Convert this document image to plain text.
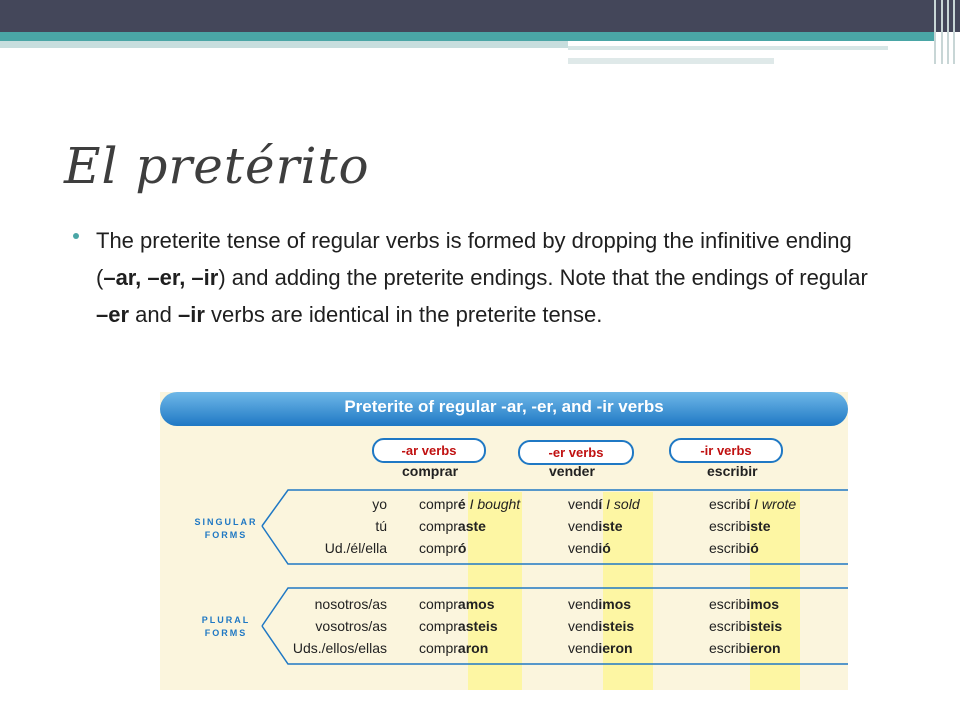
El pretérito

The preterite tense of regular verbs is formed by dropping the infinitive ending (–ar, –er, –ir) and adding the preterite endings. Note that the endings of regular –er and –ir verbs are identical in the preterite tense.

Preterite of regular -ar, -er, and -ir verbs
-ar verbs	-er verbs	-ir verbs
comprar	vender	escribir
SINGULAR
FORMS
PLURAL
FORMS
yo compré I bought	vendí I sold	escribí I wrote
tú compraste	vendiste	escribiste
Ud./él/ella compró	vendió	escribió
nosotros/as compramos	vendimos	escribimos
vosotros/as comprasteis	vendisteis	escribisteis
Uds./ellos/ellas compraron	vendieron	escribieron
